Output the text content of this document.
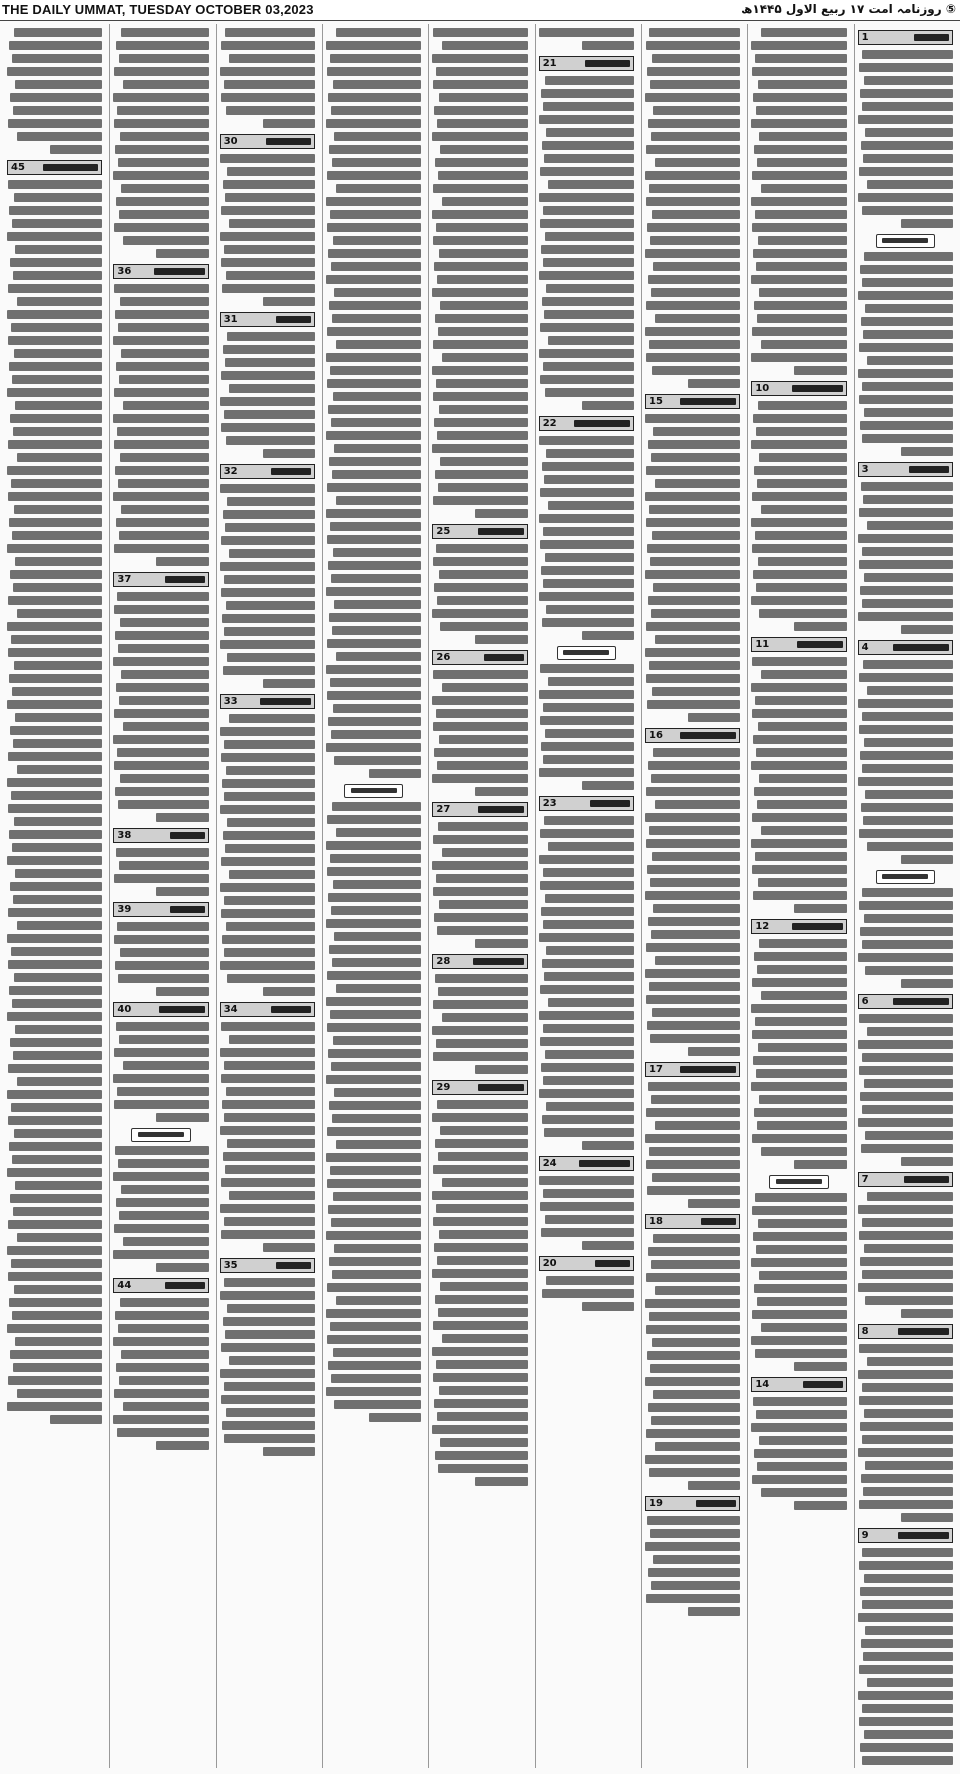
THE DAILY UMMAT, TUESDAY OCTOBER 03,2023	⑤ روزنامہ امت ۱۷ ربیع الاول ۱۴۴۵ھ
1
3
4
6
7
8
9
10
11
12
14
15
16
17
18
19
21
22
23
24
20
25
26
27
28
29
30
31
32
33
34
35
36
37
38
39
40
44
45
